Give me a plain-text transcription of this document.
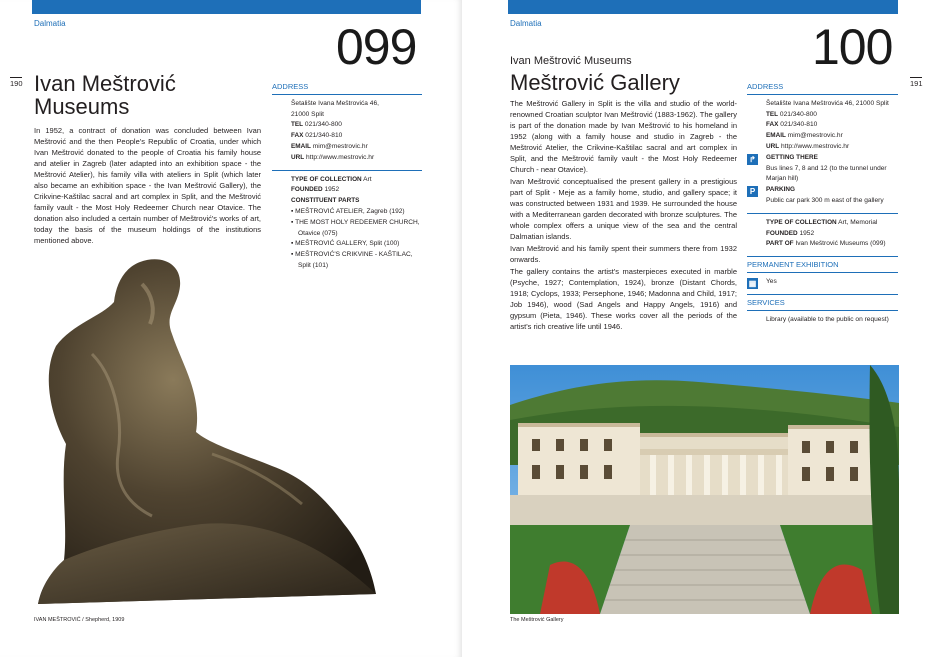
Dalmatia	099
190 Ivan Meštrović
Museums
In 1952, a contract of donation was concluded between Ivan Meštrović and the then People's Republic of Croatia, under which Ivan Meštrović donated to the people of Croatia his family house and atelier in Zagreb (later adapted into an exhibition space - the Meštrović Atelier), his family villa with ateliers in Split (which later also became an exhibition space - the Ivan Meštrović Gallery), the Crikvine-Kaštilac sacral and art complex in Split, and the Meštrović family vault - the Most Holy Redeemer Church near Otavice. The donation also included a certain number of Meštrović's works of art, today the basis of the museum holdings of the institutions mentioned above.
ADDRESS
Šetalište Ivana Meštrovića 46,
21000 Split
TEL 021/340-800
FAX 021/340-810
EMAIL mim@mestrovic.hr
URL http://www.mestrovic.hr
TYPE OF COLLECTION Art
FOUNDED 1952
CONSTITUENT PARTS
▪ MEŠTROVIĆ ATELIER, Zagreb (192)
▪ THE MOST HOLY REDEEMER CHURCH, Otavice (075)
▪ MEŠTROVIĆ GALLERY, Split (100)
▪ MEŠTROVIĆ'S CRIKVINE - KAŠTILAC, Split (101)
IVAN MEŠTROVIĆ / Shepherd, 1909
Dalmatia	100
191
Ivan Meštrović Museums
Meštrović Gallery

The Meštrović Gallery in Split is the villa and studio of the world-renowned Croatian sculptor Ivan Meštrović (1883-1962). The gallery is part of the donation made by Ivan Meštrović to his homeland in 1952 (along with a family house and studio in Zagreb - the Meštrović Atelier, the Crikvine-Kaštilac sacral and art complex in Split, and the Meštrović family vault - the Most Holy Redeemer Church - near Otavice).

Ivan Meštrović conceptualised the present gallery in a prestigious part of Split - Meje as a family home, studio, and gallery space; it was constructed between 1931 and 1939. He surrounded the house with a Mediterranean garden decorated with bronze sculptures. The whole complex offers a unique view of the sea and the central Dalmatian islands.

Ivan Meštrović and his family spent their summers there from 1932 onwards.

The gallery contains the artist's masterpieces executed in marble (Psyche, 1927; Contemplation, 1924), bronze (Distant Chords, 1918; Cyclops, 1933; Persephone, 1946; Madonna and Child, 1917; Job 1946), wood (Sad Angels and Happy Angels, 1916) and gypsum (Pieta, 1946). These works cover all the periods of the artist's rich creative life until 1946.

ADDRESS
Šetalište Ivana Meštrovića 46, 21000 Split
TEL 021/340-800
FAX 021/340-810
EMAIL mim@mestrovic.hr
URL http://www.mestrovic.hr
↱	GETTING THERE
Bus lines 7, 8 and 12 (to the tunnel under Marjan hill)
P	PARKING
Public car park 300 m east of the gallery
TYPE OF COLLECTION Art, Memorial
FOUNDED 1952
PART OF Ivan Meštrović Museums (099)
PERMANENT EXHIBITION
▦ Yes
SERVICES
Library (available to the public on request)
The Meštrović Gallery
